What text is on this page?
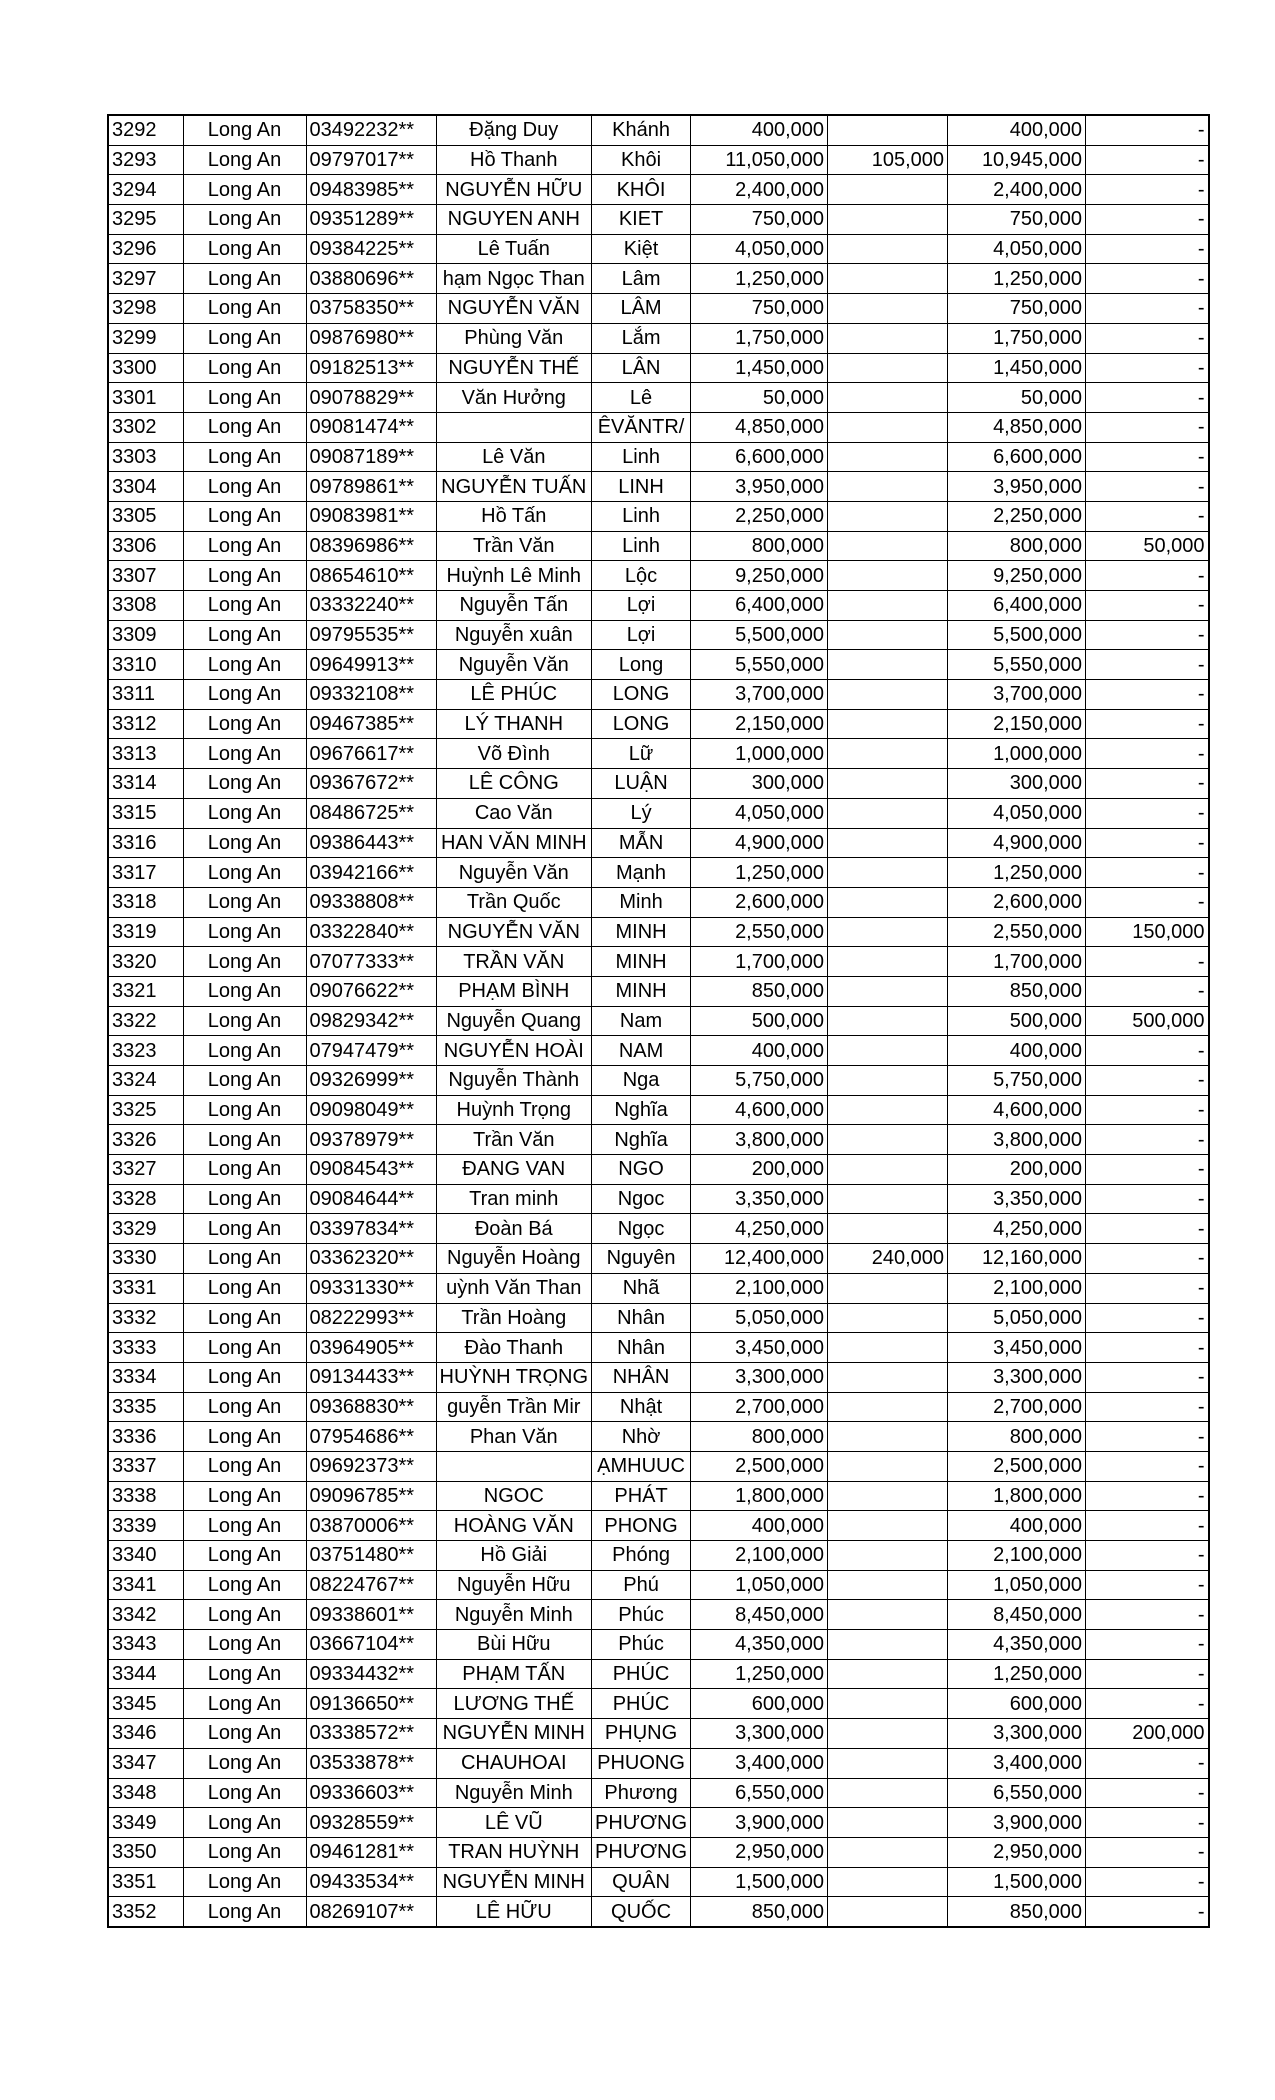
3292	Long An	03492232**	Đặng Duy	Khánh	400,000		400,000	-
3293	Long An	09797017**	Hồ Thanh	Khôi	11,050,000	105,000	10,945,000	-
3294	Long An	09483985**	NGUYỄN HỮU	KHÔI	2,400,000		2,400,000	-
3295	Long An	09351289**	NGUYEN ANH	KIET	750,000		750,000	-
3296	Long An	09384225**	Lê Tuấn	Kiệt	4,050,000		4,050,000	-
3297	Long An	03880696**	hạm Ngọc Than	Lâm	1,250,000		1,250,000	-
3298	Long An	03758350**	NGUYỄN VĂN	LÂM	750,000		750,000	-
3299	Long An	09876980**	Phùng Văn	Lắm	1,750,000		1,750,000	-
3300	Long An	09182513**	NGUYỄN THẾ	LÂN	1,450,000		1,450,000	-
3301	Long An	09078829**	Văn Hưởng	Lê	50,000		50,000	-
3302	Long An	09081474**		ÊVĂNTR/	4,850,000		4,850,000	-
3303	Long An	09087189**	Lê Văn	Linh	6,600,000		6,600,000	-
3304	Long An	09789861**	NGUYỄN TUẤN	LINH	3,950,000		3,950,000	-
3305	Long An	09083981**	Hồ Tấn	Linh	2,250,000		2,250,000	-
3306	Long An	08396986**	Trần Văn	Linh	800,000		800,000	50,000
3307	Long An	08654610**	Huỳnh Lê Minh	Lộc	9,250,000		9,250,000	-
3308	Long An	03332240**	Nguyễn Tấn	Lợi	6,400,000		6,400,000	-
3309	Long An	09795535**	Nguyễn xuân	Lợi	5,500,000		5,500,000	-
3310	Long An	09649913**	Nguyễn Văn	Long	5,550,000		5,550,000	-
3311	Long An	09332108**	LÊ PHÚC	LONG	3,700,000		3,700,000	-
3312	Long An	09467385**	LÝ THANH	LONG	2,150,000		2,150,000	-
3313	Long An	09676617**	Võ Đình	Lữ	1,000,000		1,000,000	-
3314	Long An	09367672**	LÊ CÔNG	LUẬN	300,000		300,000	-
3315	Long An	08486725**	Cao Văn	Lý	4,050,000		4,050,000	-
3316	Long An	09386443**	HAN VĂN MINH	MẪN	4,900,000		4,900,000	-
3317	Long An	03942166**	Nguyễn Văn	Mạnh	1,250,000		1,250,000	-
3318	Long An	09338808**	Trần Quốc	Minh	2,600,000		2,600,000	-
3319	Long An	03322840**	NGUYỄN VĂN	MINH	2,550,000		2,550,000	150,000
3320	Long An	07077333**	TRẦN VĂN	MINH	1,700,000		1,700,000	-
3321	Long An	09076622**	PHẠM BÌNH	MINH	850,000		850,000	-
3322	Long An	09829342**	Nguyễn Quang	Nam	500,000		500,000	500,000
3323	Long An	07947479**	NGUYỄN HOÀI	NAM	400,000		400,000	-
3324	Long An	09326999**	Nguyễn Thành	Nga	5,750,000		5,750,000	-
3325	Long An	09098049**	Huỳnh Trọng	Nghĩa	4,600,000		4,600,000	-
3326	Long An	09378979**	Trần Văn	Nghĩa	3,800,000		3,800,000	-
3327	Long An	09084543**	ĐANG VAN	NGO	200,000		200,000	-
3328	Long An	09084644**	Tran minh	Ngoc	3,350,000		3,350,000	-
3329	Long An	03397834**	Đoàn Bá	Ngọc	4,250,000		4,250,000	-
3330	Long An	03362320**	Nguyễn Hoàng	Nguyên	12,400,000	240,000	12,160,000	-
3331	Long An	09331330**	uỳnh Văn Than	Nhã	2,100,000		2,100,000	-
3332	Long An	08222993**	Trần Hoàng	Nhân	5,050,000		5,050,000	-
3333	Long An	03964905**	Đào Thanh	Nhân	3,450,000		3,450,000	-
3334	Long An	09134433**	HUỲNH TRỌNG	NHÂN	3,300,000		3,300,000	-
3335	Long An	09368830**	guyễn Trần Mir	Nhật	2,700,000		2,700,000	-
3336	Long An	07954686**	Phan Văn	Nhờ	800,000		800,000	-
3337	Long An	09692373**		ẠMHUUC	2,500,000		2,500,000	-
3338	Long An	09096785**	NGOC	PHÁT	1,800,000		1,800,000	-
3339	Long An	03870006**	HOÀNG VĂN	PHONG	400,000		400,000	-
3340	Long An	03751480**	Hồ Giải	Phóng	2,100,000		2,100,000	-
3341	Long An	08224767**	Nguyễn Hữu	Phú	1,050,000		1,050,000	-
3342	Long An	09338601**	Nguyễn Minh	Phúc	8,450,000		8,450,000	-
3343	Long An	03667104**	Bùi Hữu	Phúc	4,350,000		4,350,000	-
3344	Long An	09334432**	PHẠM TẤN	PHÚC	1,250,000		1,250,000	-
3345	Long An	09136650**	LƯƠNG THẾ	PHÚC	600,000		600,000	-
3346	Long An	03338572**	NGUYỄN MINH	PHỤNG	3,300,000		3,300,000	200,000
3347	Long An	03533878**	CHAUHOAI	PHUONG	3,400,000		3,400,000	-
3348	Long An	09336603**	Nguyễn Minh	Phương	6,550,000		6,550,000	-
3349	Long An	09328559**	LÊ VŨ	PHƯƠNG	3,900,000		3,900,000	-
3350	Long An	09461281**	TRAN HUỲNH	PHƯƠNG	2,950,000		2,950,000	-
3351	Long An	09433534**	NGUYỄN MINH	QUÂN	1,500,000		1,500,000	-
3352	Long An	08269107**	LÊ HỮU	QUỐC	850,000		850,000	-
